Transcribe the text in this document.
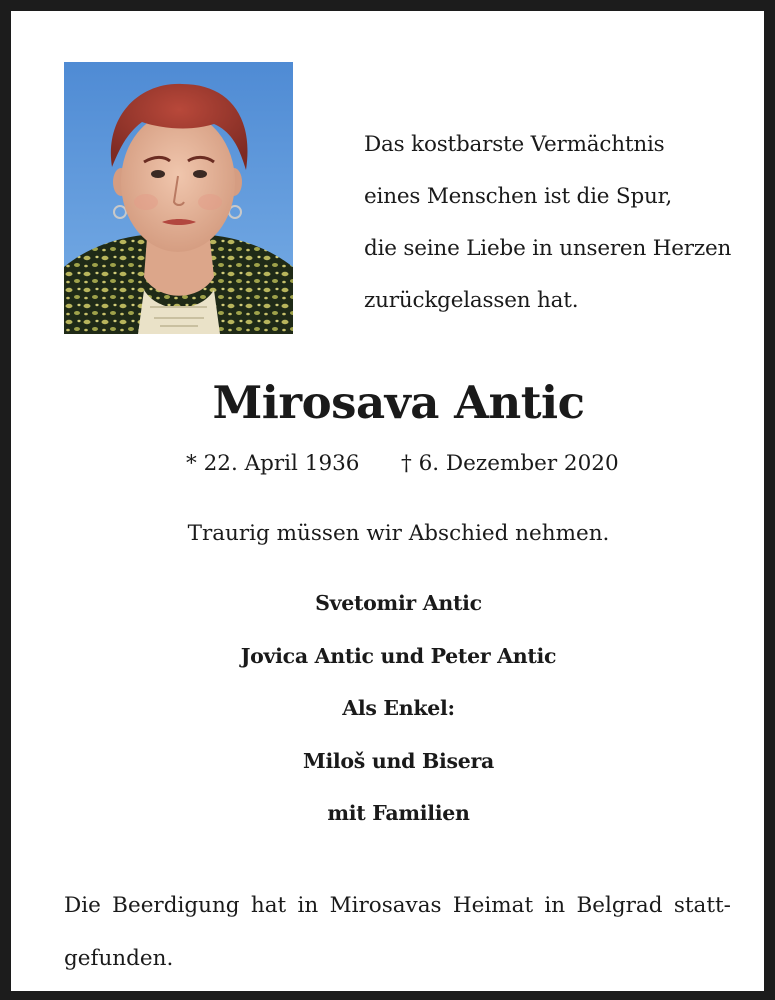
Das kostbarste Vermächtnis
eines Menschen ist die Spur,
die seine Liebe in unseren Herzen
zurückgelassen hat.
Mirosava Antic
* 22. April 1936 † 6. Dezember 2020
Traurig müssen wir Abschied nehmen.
Svetomir Antic
Jovica Antic und Peter Antic
Als Enkel:
Miloš und Bisera
mit Familien
Die Beerdigung hat in Mirosavas Heimat in Belgrad statt-
gefunden.
